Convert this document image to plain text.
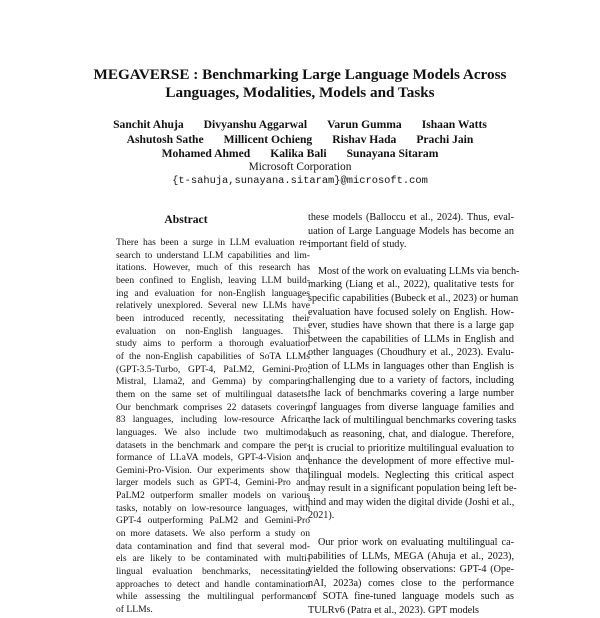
MEGAVERSE : Benchmarking Large Language Models Across
Languages, Modalities, Models and Tasks
Sanchit Ahuja Divyanshu Aggarwal Varun Gumma Ishaan Watts
Ashutosh Sathe Millicent Ochieng Rishav Hada Prachi Jain
Mohamed Ahmed Kalika Bali Sunayana Sitaram
Microsoft Corporation
{t-sahuja,sunayana.sitaram}@microsoft.com
Abstract
There has been a surge in LLM evaluation re-
search to understand LLM capabilities and lim-
itations. However, much of this research has
been confined to English, leaving LLM build-
ing and evaluation for non-English languages
relatively unexplored. Several new LLMs have
been introduced recently, necessitating their
evaluation on non-English languages. This
study aims to perform a thorough evaluation
of the non-English capabilities of SoTA LLMs
(GPT-3.5-Turbo, GPT-4, PaLM2, Gemini-Pro,
Mistral, Llama2, and Gemma) by comparing
them on the same set of multilingual datasets.
Our benchmark comprises 22 datasets covering
83 languages, including low-resource African
languages. We also include two multimodal
datasets in the benchmark and compare the per-
formance of LLaVA models, GPT-4-Vision and
Gemini-Pro-Vision. Our experiments show that
larger models such as GPT-4, Gemini-Pro and
PaLM2 outperform smaller models on various
tasks, notably on low-resource languages, with
GPT-4 outperforming PaLM2 and Gemini-Pro
on more datasets. We also perform a study on
data contamination and find that several mod-
els are likely to be contaminated with multi-
lingual evaluation benchmarks, necessitating
approaches to detect and handle contamination
while assessing the multilingual performance
of LLMs.
these models (Balloccu et al., 2024). Thus, eval-
uation of Large Language Models has become an
important field of study.
Most of the work on evaluating LLMs via bench-
marking (Liang et al., 2022), qualitative tests for
specific capabilities (Bubeck et al., 2023) or human
evaluation have focused solely on English. How-
ever, studies have shown that there is a large gap
between the capabilities of LLMs in English and
other languages (Choudhury et al., 2023). Evalu-
ation of LLMs in languages other than English is
challenging due to a variety of factors, including
the lack of benchmarks covering a large number
of languages from diverse language families and
the lack of multilingual benchmarks covering tasks
such as reasoning, chat, and dialogue. Therefore,
it is crucial to prioritize multilingual evaluation to
enhance the development of more effective mul-
tilingual models. Neglecting this critical aspect
may result in a significant population being left be-
hind and may widen the digital divide (Joshi et al.,
2021).
Our prior work on evaluating multilingual ca-
pabilities of LLMs, MEGA (Ahuja et al., 2023),
yielded the following observations: GPT-4 (Ope-
nAI, 2023a) comes close to the performance
of SOTA fine-tuned language models such as
TULRv6 (Patra et al., 2023). GPT models
